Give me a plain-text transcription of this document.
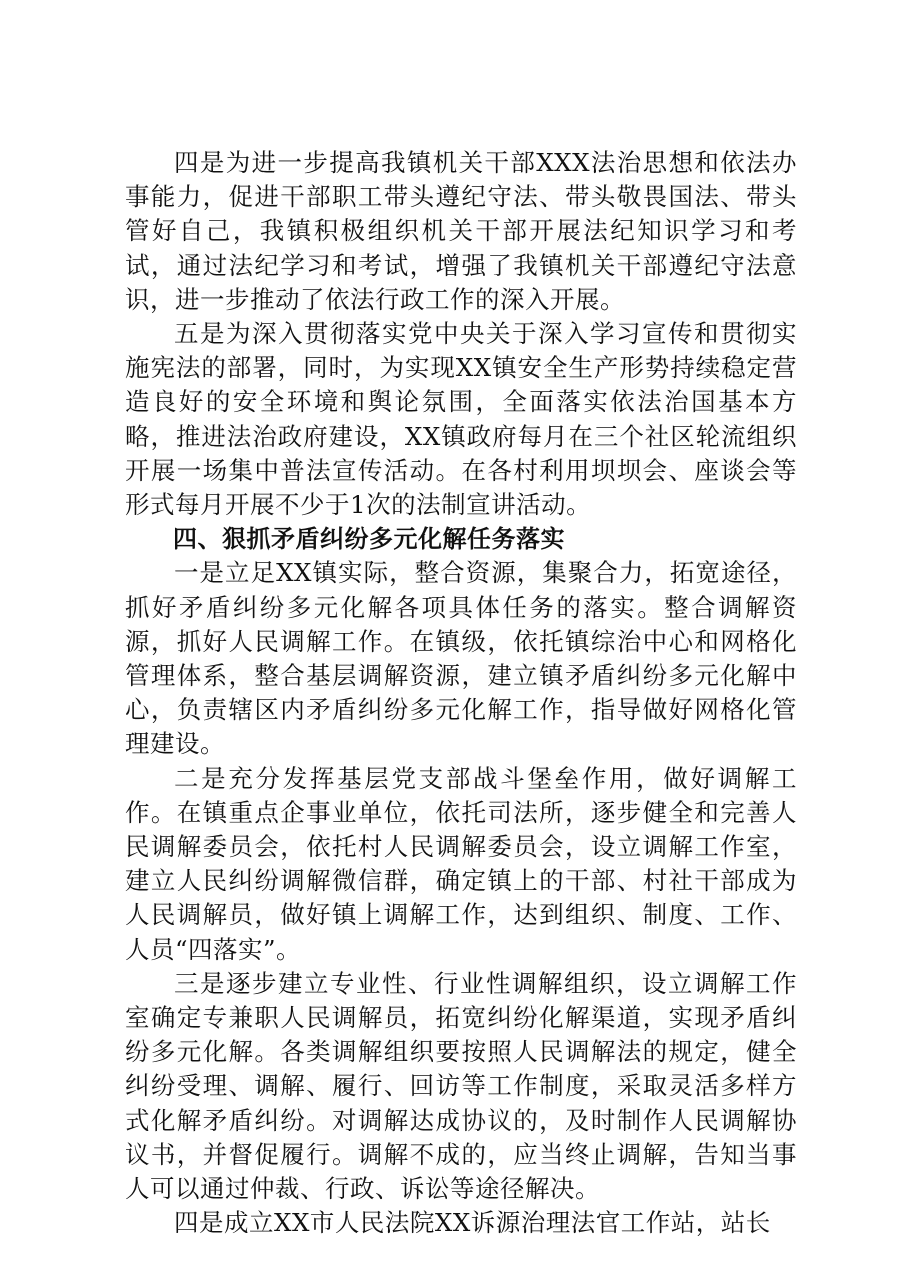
四是为进一步提高我镇机关干部XXX法治思想和依法办事能力，促进干部职工带头遵纪守法、带头敬畏国法、带头管好自己，我镇积极组织机关干部开展法纪知识学习和考试，通过法纪学习和考试，增强了我镇机关干部遵纪守法意识，进一步推动了依法行政工作的深入开展。

五是为深入贯彻落实党中央关于深入学习宣传和贯彻实施宪法的部署，同时，为实现XX镇安全生产形势持续稳定营造良好的安全环境和舆论氛围，全面落实依法治国基本方略，推进法治政府建设，XX镇政府每月在三个社区轮流组织开展一场集中普法宣传活动。在各村利用坝坝会、座谈会等形式每月开展不少于1次的法制宣讲活动。

四、狠抓矛盾纠纷多元化解任务落实

一是立足XX镇实际，整合资源，集聚合力，拓宽途径，抓好矛盾纠纷多元化解各项具体任务的落实。整合调解资源，抓好人民调解工作。在镇级，依托镇综治中心和网格化管理体系，整合基层调解资源，建立镇矛盾纠纷多元化解中心，负责辖区内矛盾纠纷多元化解工作，指导做好网格化管理建设。

二是充分发挥基层党支部战斗堡垒作用，做好调解工作。在镇重点企事业单位，依托司法所，逐步健全和完善人民调解委员会，依托村人民调解委员会，设立调解工作室，建立人民纠纷调解微信群，确定镇上的干部、村社干部成为人民调解员，做好镇上调解工作，达到组织、制度、工作、人员“四落实”。

三是逐步建立专业性、行业性调解组织，设立调解工作室确定专兼职人民调解员，拓宽纠纷化解渠道，实现矛盾纠纷多元化解。各类调解组织要按照人民调解法的规定，健全纠纷受理、调解、履行、回访等工作制度，采取灵活多样方式化解矛盾纠纷。对调解达成协议的，及时制作人民调解协议书，并督促履行。调解不成的，应当终止调解，告知当事人可以通过仲裁、行政、诉讼等途径解决。

四是成立XX市人民法院XX诉源治理法官工作站，站长
